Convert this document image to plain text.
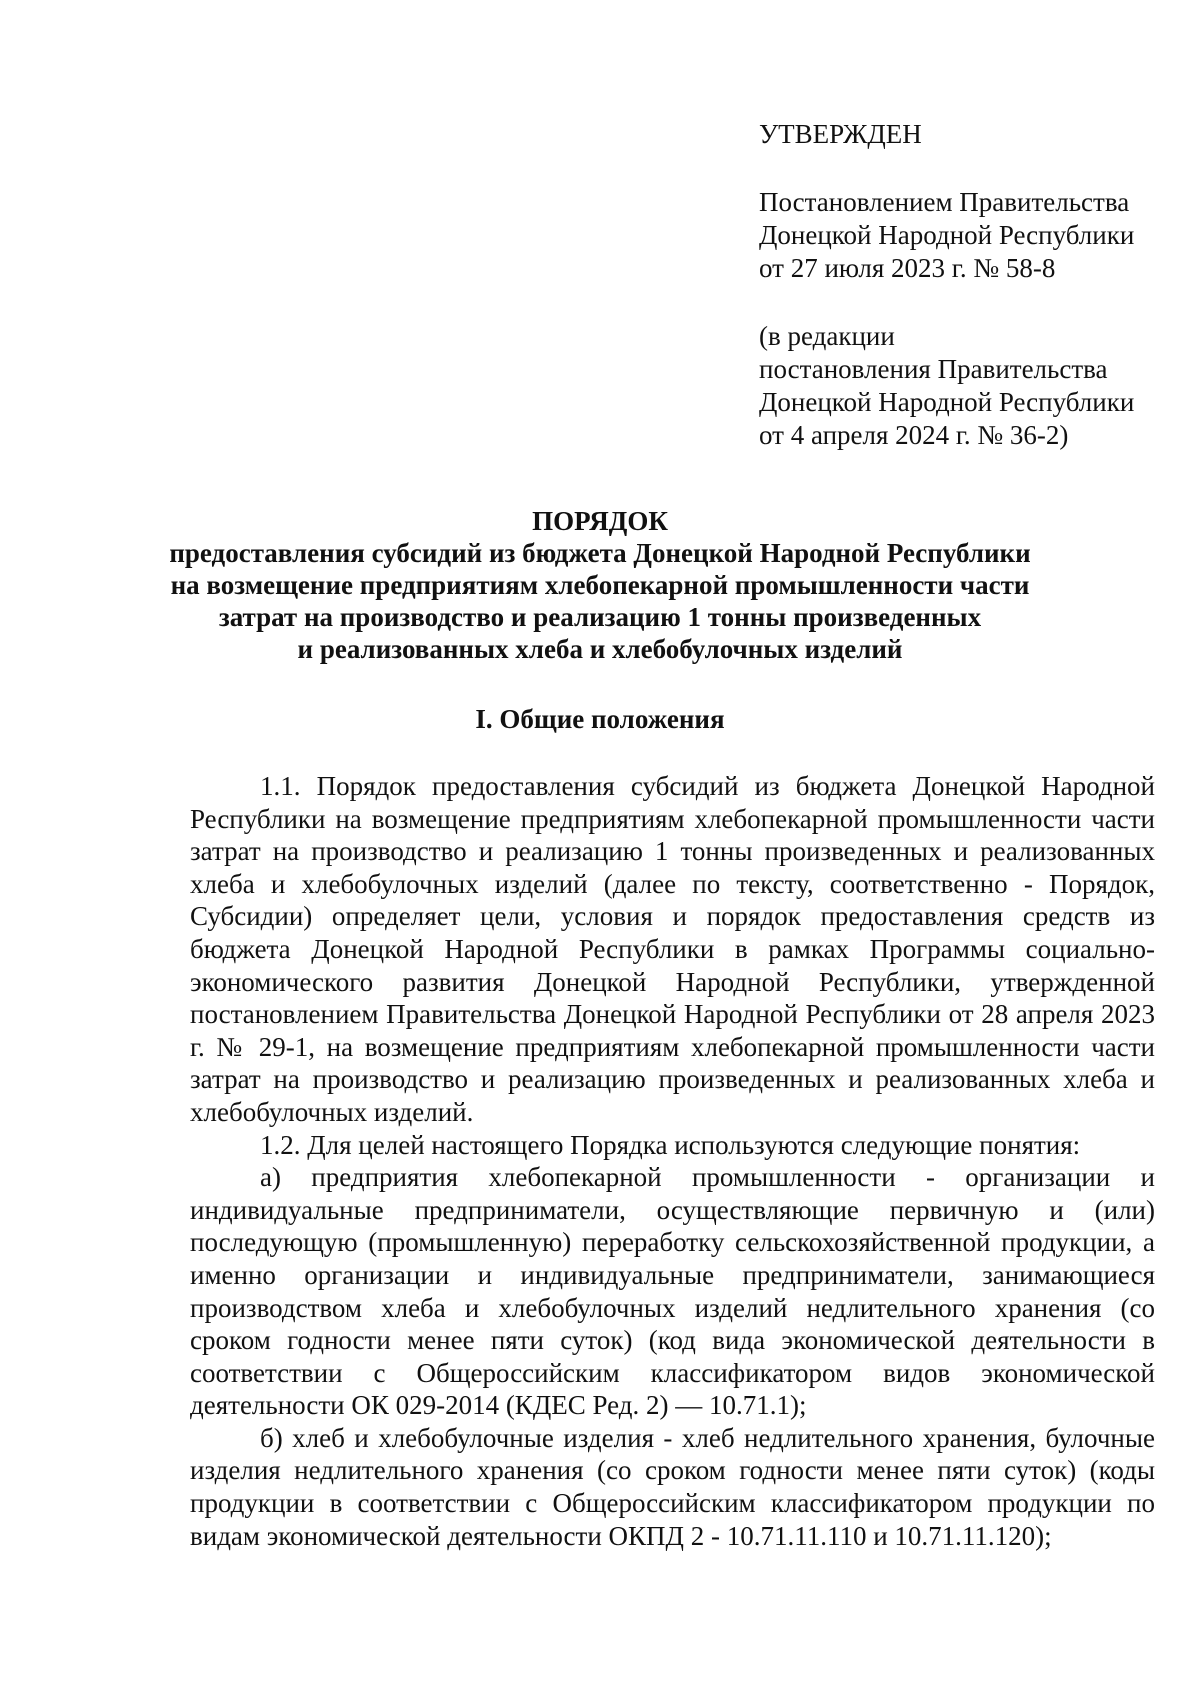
УТВЕРЖДЕН
Постановлением Правительства
Донецкой Народной Республики
от 27 июля 2023 г. № 58-8
(в редакции
постановления Правительства
Донецкой Народной Республики
от 4 апреля 2024 г. № 36-2)
ПОРЯДОК
предоставления субсидий из бюджета Донецкой Народной Республики
на возмещение предприятиям хлебопекарной промышленности части
затрат на производство и реализацию 1 тонны произведенных
и реализованных хлеба и хлебобулочных изделий
I. Общие положения

1.1. Порядок предоставления субсидий из бюджета Донецкой Народной Республики на возмещение предприятиям хлебопекарной промышленности части затрат на производство и реализацию 1 тонны произведенных и реализованных хлеба и хлебобулочных изделий (далее по тексту, соответственно - Порядок, Субсидии) определяет цели, условия и порядок предоставления средств из бюджета Донецкой Народной Республики в рамках Программы социально-экономического развития Донецкой Народной Республики, утвержденной постановлением Правительства Донецкой Народной Республики от 28 апреля 2023 г. № 29-1, на возмещение предприятиям хлебопекарной промышленности части затрат на производство и реализацию произведенных и реализованных хлеба и хлебобулочных изделий.

1.2. Для целей настоящего Порядка используются следующие понятия:

а) предприятия хлебопекарной промышленности - организации и индивидуальные предприниматели, осуществляющие первичную и (или) последующую (промышленную) переработку сельскохозяйственной продукции, а именно организации и индивидуальные предприниматели, занимающиеся производством хлеба и хлебобулочных изделий недлительного хранения (со сроком годности менее пяти суток) (код вида экономической деятельности в соответствии с Общероссийским классификатором видов экономической деятельности ОК 029-2014 (КДЕС Ред. 2) — 10.71.1);

б) хлеб и хлебобулочные изделия - хлеб недлительного хранения, булочные изделия недлительного хранения (со сроком годности менее пяти суток) (коды продукции в соответствии с Общероссийским классификатором продукции по видам экономической деятельности ОКПД 2 - 10.71.11.110 и 10.71.11.120);
